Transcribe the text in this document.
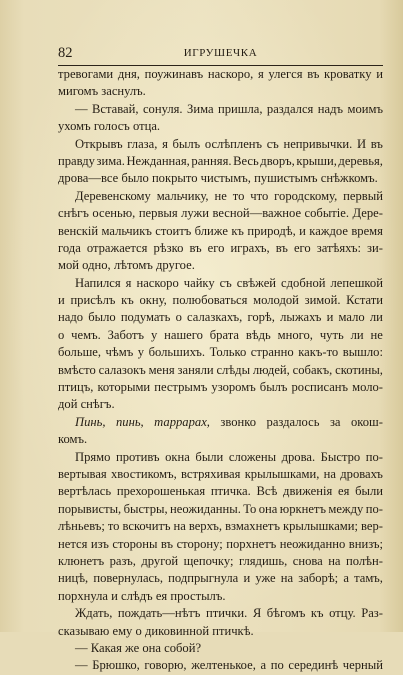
82	ИГРУШЕЧКА
тревогами дня, поужинавъ наскоро, я улегся въ кроватку и
мигомъ заснулъ.
— Вставай, сонуля. Зима пришла, раздался надъ моимъ
ухомъ голосъ отца.
Открывъ глаза, я былъ ослѣпленъ съ непривычки. И въ
правду зима. Нежданная, ранняя. Весь дворъ, крыши, деревья,
дрова—все было покрыто чистымъ, пушистымъ снѣжкомъ.
Деревенскому мальчику, не то что городскому, первый
снѣгъ осенью, первыя лужи весной—важное событіе. Дере-
венскій мальчикъ стоитъ ближе къ природѣ, и каждое время
года отражается рѣзко въ его играхъ, въ его затѣяхъ: зи-
мой одно, лѣтомъ другое.
Напился я наскоро чайку съ свѣжей сдобной лепешкой
и присѣлъ къ окну, полюбоваться молодой зимой. Кстати
надо было подумать о салазкахъ, горѣ, лыжахъ и мало ли
о чемъ. Заботъ у нашего брата вѣдь много, чуть ли не
больше, чѣмъ у большихъ. Только странно какъ-то вышло:
вмѣсто салазокъ меня заняли слѣды людей, собакъ, скотины,
птицъ, которыми пестрымъ узоромъ былъ росписанъ моло-
дой снѣгъ.
Пинь, пинь, таррарах, звонко раздалось за окош-
комъ.
Прямо противъ окна были сложены дрова. Быстро по-
вертывая хвостикомъ, встряхивая крылышками, на дровахъ
вертѣлась прехорошенькая птичка. Всѣ движенія ея были
порывисты, быстры, неожиданны. То она юркнетъ между по-
лѣньевъ; то вскочитъ на верхъ, взмахнетъ крылышками; вер-
нется изъ стороны въ сторону; порхнетъ неожиданно внизъ;
клюнетъ разъ, другой щепочку; глядишь, снова на полѣн-
ницѣ, повернулась, подпрыгнула и уже на заборѣ; а тамъ,
порхнула и слѣдъ ея простылъ.
Ждать, пождать—нѣтъ птички. Я бѣгомъ къ отцу. Раз-
сказываю ему о диковинной птичкѣ.
— Какая же она собой?
— Брюшко, говорю, желтенькое, а по серединѣ черный
